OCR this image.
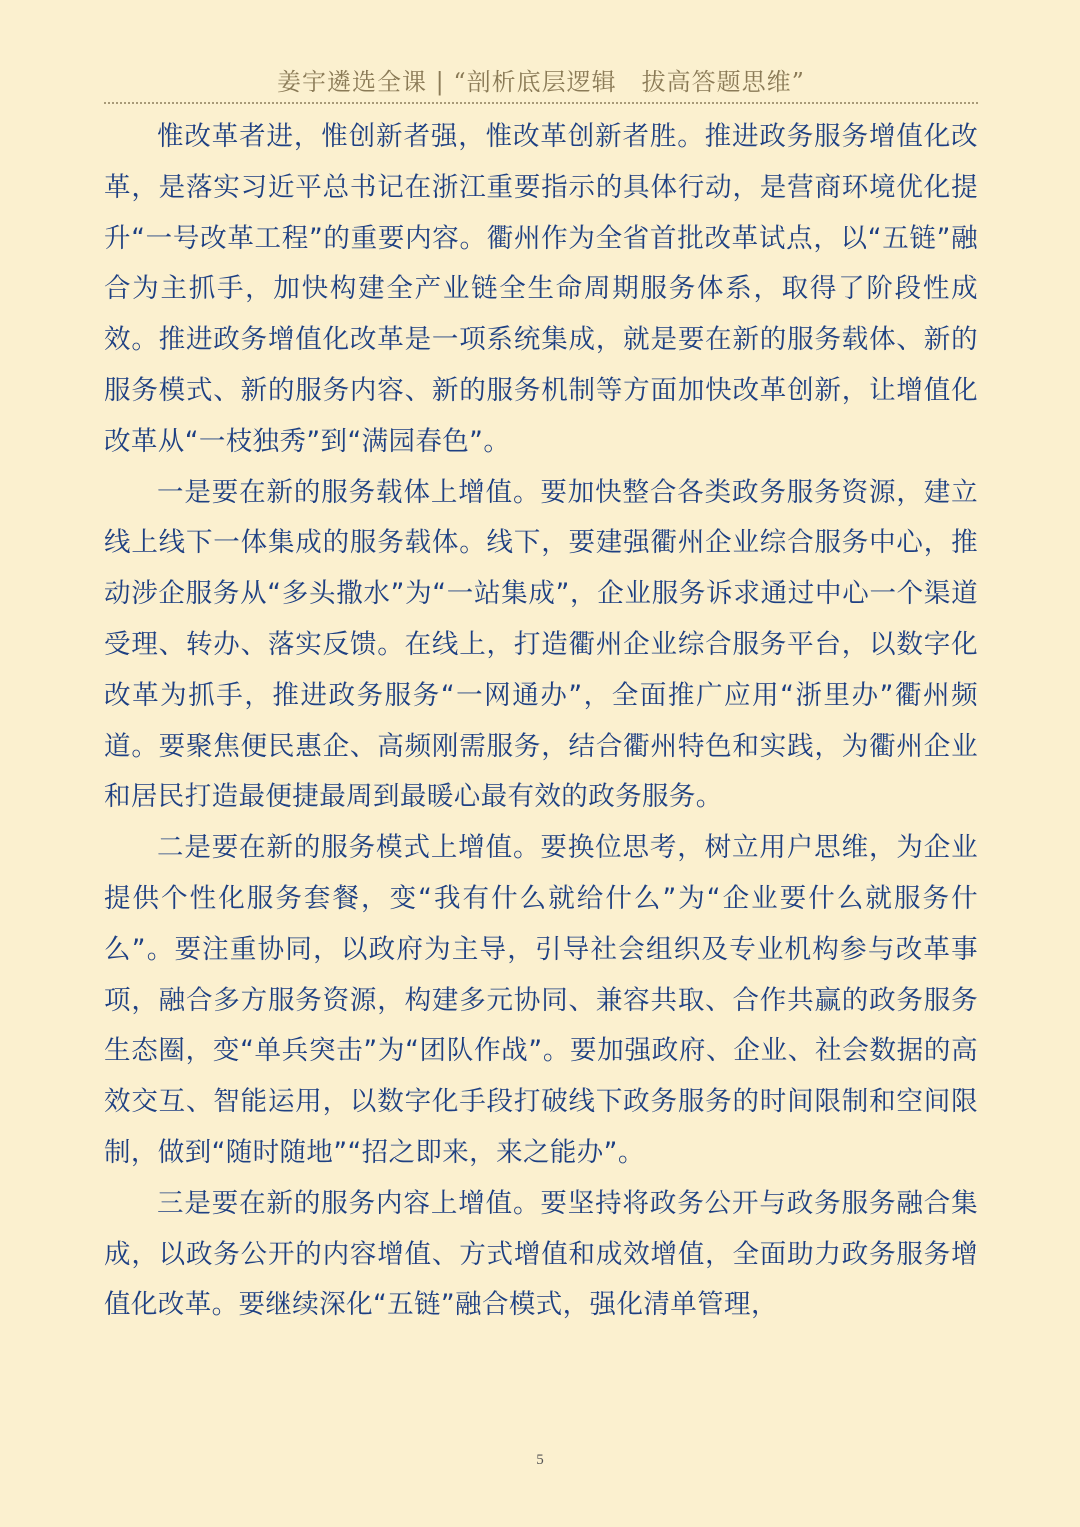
姜宇遴选全课 | “剖析底层逻辑　拔高答题思维”

惟改革者进，惟创新者强，惟改革创新者胜。推进政务服务增值化改革，是落实习近平总书记在浙江重要指示的具体行动，是营商环境优化提升“一号改革工程”的重要内容。衢州作为全省首批改革试点，以“五链”融合为主抓手，加快构建全产业链全生命周期服务体系，取得了阶段性成效。推进政务增值化改革是一项系统集成，就是要在新的服务载体、新的服务模式、新的服务内容、新的服务机制等方面加快改革创新，让增值化改革从“一枝独秀”到“满园春色”。

一是要在新的服务载体上增值。要加快整合各类政务服务资源，建立线上线下一体集成的服务载体。线下，要建强衢州企业综合服务中心，推动涉企服务从“多头撒水”为“一站集成”，企业服务诉求通过中心一个渠道受理、转办、落实反馈。在线上，打造衢州企业综合服务平台，以数字化改革为抓手，推进政务服务“一网通办”，全面推广应用“浙里办”衢州频道。要聚焦便民惠企、高频刚需服务，结合衢州特色和实践，为衢州企业和居民打造最便捷最周到最暖心最有效的政务服务。

二是要在新的服务模式上增值。要换位思考，树立用户思维，为企业提供个性化服务套餐，变“我有什么就给什么”为“企业要什么就服务什么”。要注重协同，以政府为主导，引导社会组织及专业机构参与改革事项，融合多方服务资源，构建多元协同、兼容共取、合作共赢的政务服务生态圈，变“单兵突击”为“团队作战”。要加强政府、企业、社会数据的高效交互、智能运用，以数字化手段打破线下政务服务的时间限制和空间限制，做到“随时随地”“招之即来，来之能办”。

三是要在新的服务内容上增值。要坚持将政务公开与政务服务融合集成，以政务公开的内容增值、方式增值和成效增值，全面助力政务服务增值化改革。要继续深化“五链”融合模式，强化清单管理，

5
